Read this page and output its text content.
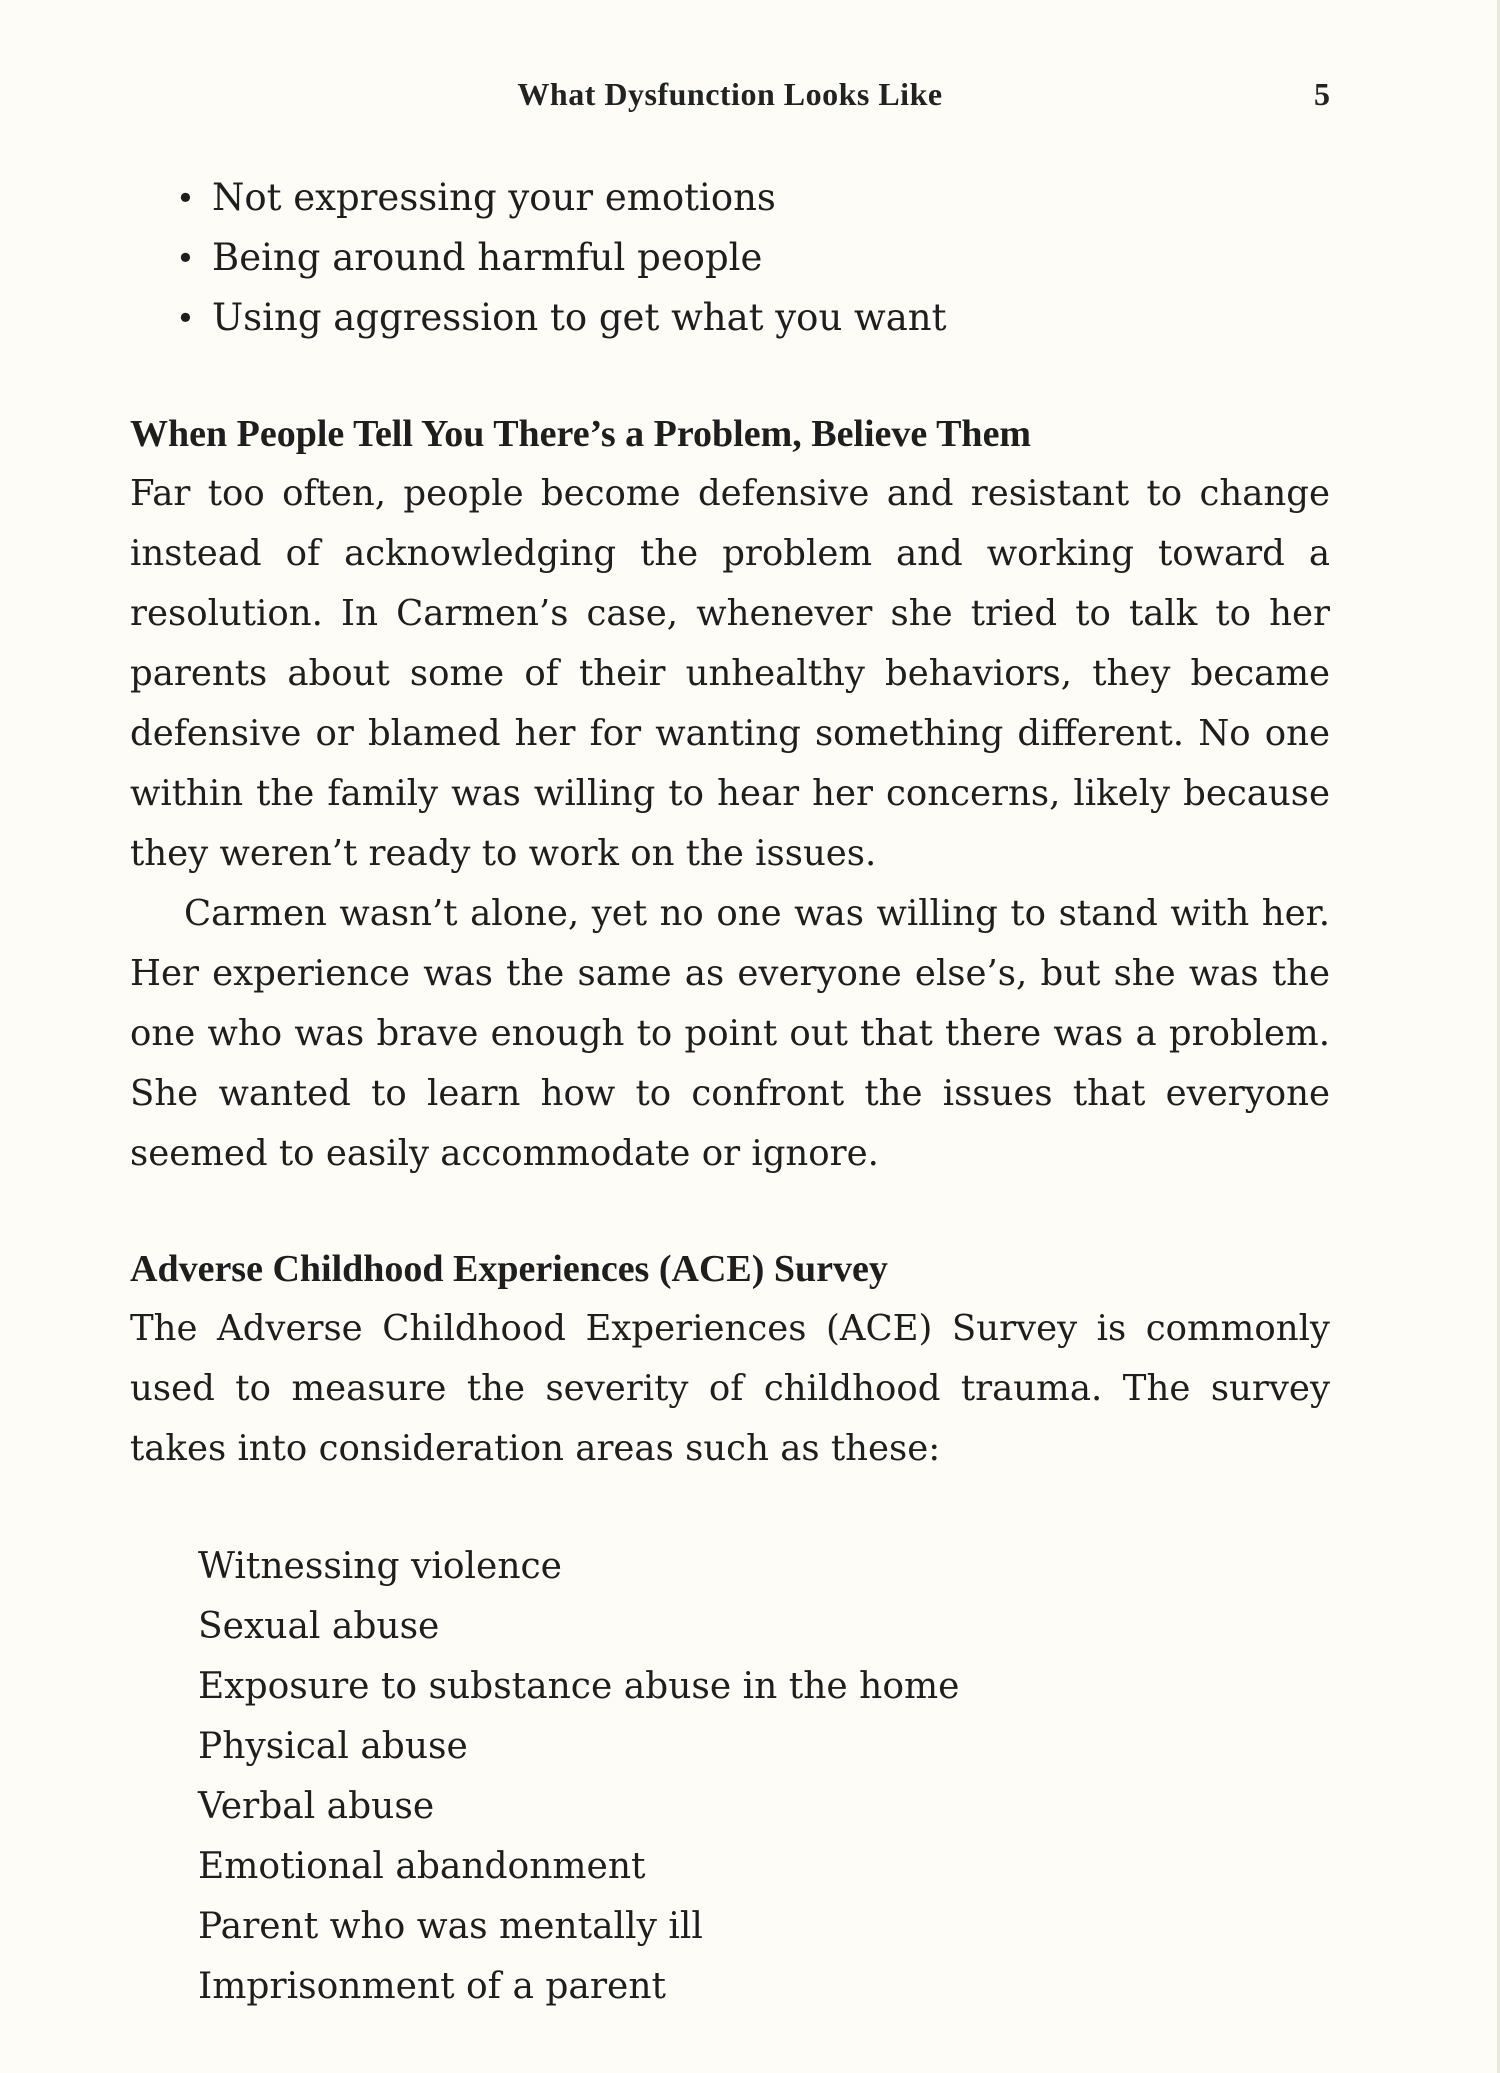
What Dysfunction Looks Like	5
• Not expressing your emotions
• Being around harmful people
• Using aggression to get what you want
When People Tell You There’s a Problem, Believe Them

Far too often, people become defensive and resistant to change instead of acknowledging the problem and working toward a resolution. In Carmen’s case, whenever she tried to talk to her parents about some of their unhealthy behaviors, they became defensive or blamed her for wanting something different. No one within the family was willing to hear her concerns, likely because they weren’t ready to work on the issues.

Carmen wasn’t alone, yet no one was willing to stand with her. Her experience was the same as everyone else’s, but she was the one who was brave enough to point out that there was a problem. She wanted to learn how to confront the issues that everyone seemed to easily accommodate or ignore.

Adverse Childhood Experiences (ACE) Survey

The Adverse Childhood Experiences (ACE) Survey is commonly used to measure the severity of childhood trauma. The survey takes into consideration areas such as these:

Witnessing violence
Sexual abuse
Exposure to substance abuse in the home
Physical abuse
Verbal abuse
Emotional abandonment
Parent who was mentally ill
Imprisonment of a parent
